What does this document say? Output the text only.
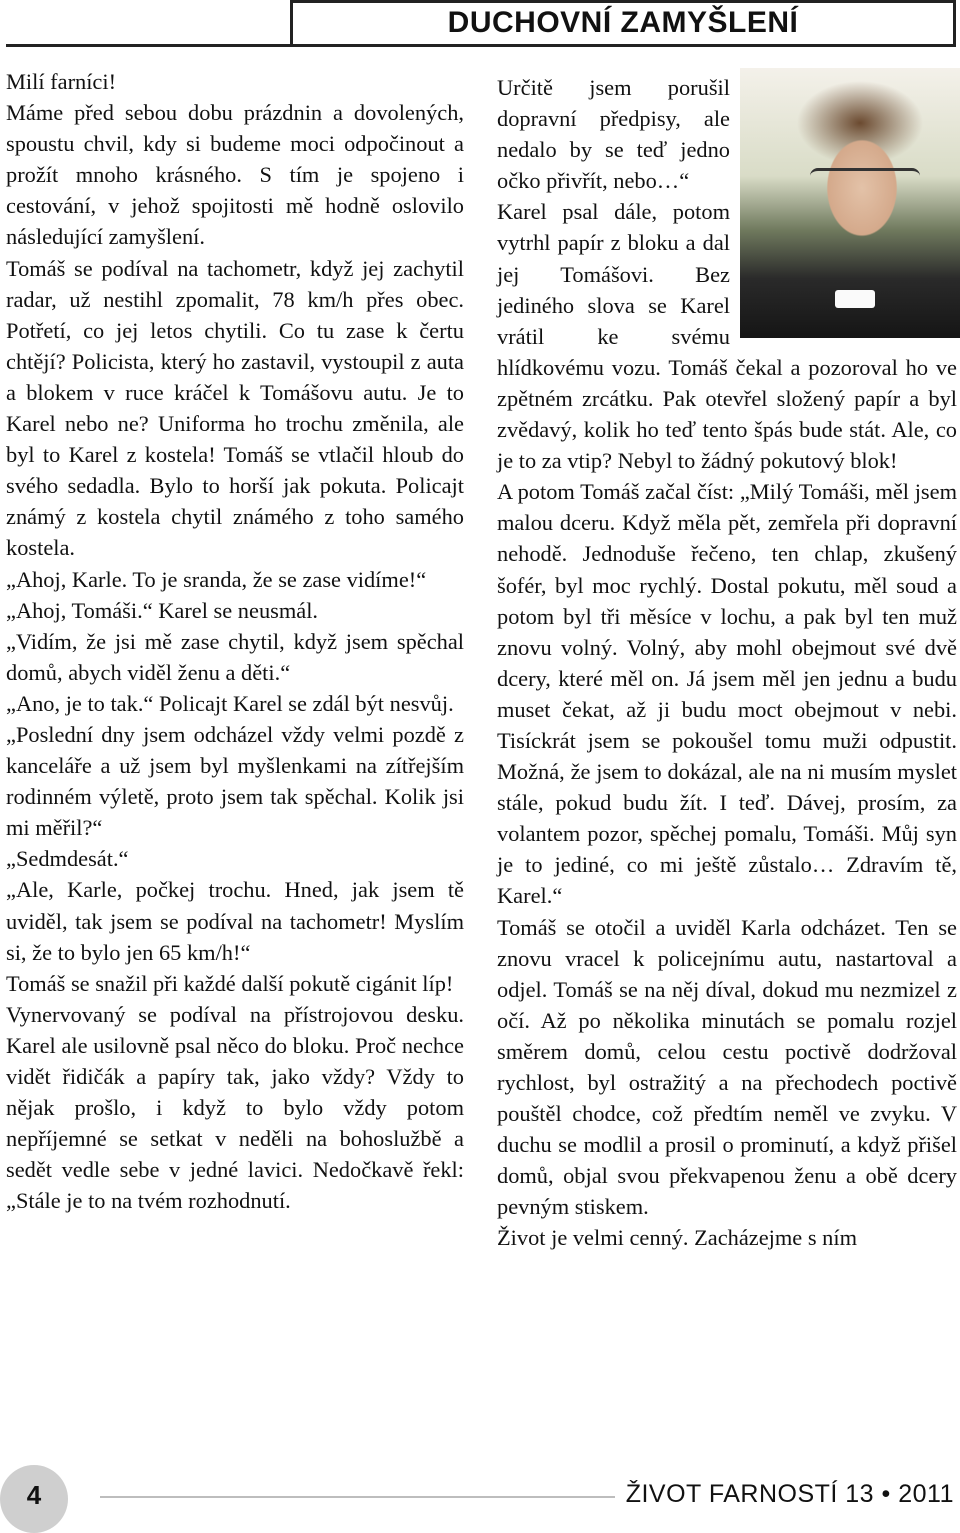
DUCHOVNÍ ZAMYŠLENÍ

Milí farníci!

Máme před sebou dobu prázdnin a dovolených, spoustu chvil, kdy si budeme moci odpočinout a prožít mnoho krásného. S tím je spojeno i cestování, v jehož spojitosti mě hodně oslovilo následující zamyšlení.

Tomáš se podíval na tachometr, když jej zachytil radar, už nestihl zpomalit, 78 km/h přes obec. Potřetí, co jej letos chytili. Co tu zase k čertu chtějí? Policista, který ho zastavil, vystoupil z auta a blokem v ruce kráčel k Tomášovu autu. Je to Karel nebo ne? Uniforma ho trochu změnila, ale byl to Karel z kostela! Tomáš se vtlačil hloub do svého sedadla. Bylo to horší jak pokuta. Policajt známý z kostela chytil známého z toho samého kostela.

„Ahoj, Karle. To je sranda, že se zase vidíme!“

„Ahoj, Tomáši.“ Karel se neusmál.

„Vidím, že jsi mě zase chytil, když jsem spěchal domů, abych viděl ženu a děti.“

„Ano, je to tak.“ Policajt Karel se zdál být nesvůj.

„Poslední dny jsem odcházel vždy velmi pozdě z kanceláře a už jsem byl myšlenkami na zítřejším rodinném výletě, proto jsem tak spěchal. Kolik jsi mi měřil?“

„Sedmdesát.“

„Ale, Karle, počkej trochu. Hned, jak jsem tě uviděl, tak jsem se podíval na tachometr! Myslím si, že to bylo jen 65 km/h!“

Tomáš se snažil při každé další pokutě cigánit líp!

Vynervovaný se podíval na přístrojovou desku. Karel ale usilovně psal něco do bloku. Proč nechce vidět řidičák a papíry tak, jako vždy? Vždy to nějak prošlo, i když to bylo vždy potom nepříjemné se setkat v neděli na bohoslužbě a sedět vedle sebe v jedné lavici. Nedočkavě řekl: „Stále je to na tvém rozhodnutí.

Určitě jsem porušil dopravní předpisy, ale nedalo by se teď jedno očko přivřít, nebo…“

Karel psal dále, potom vytrhl papír z bloku a dal jej Tomášovi. Bez jediného slova se Karel vrátil ke svému hlídkovému vozu. Tomáš čekal a pozoroval ho ve zpětném zrcátku. Pak otevřel složený papír a byl zvědavý, kolik ho teď tento špás bude stát. Ale, co je to za vtip? Nebyl to žádný pokutový blok!

A potom Tomáš začal číst: „Milý Tomáši, měl jsem malou dceru. Když měla pět, zemřela při dopravní nehodě. Jednoduše řečeno, ten chlap, zkušený šofér, byl moc rychlý. Dostal pokutu, měl soud a potom byl tři měsíce v lochu, a pak byl ten muž znovu volný. Volný, aby mohl obejmout své dvě dcery, které měl on. Já jsem měl jen jednu a budu muset čekat, až ji budu moct obejmout v nebi. Tisíckrát jsem se pokoušel tomu muži odpustit. Možná, že jsem to dokázal, ale na ni musím myslet stále, pokud budu žít. I teď. Dávej, prosím, za volantem pozor, spěchej pomalu, Tomáši. Můj syn je to jediné, co mi ještě zůstalo… Zdravím tě, Karel.“

Tomáš se otočil a uviděl Karla odcházet. Ten se znovu vracel k policejnímu autu, nastartoval a odjel. Tomáš se na něj díval, dokud mu nezmizel z očí. Až po několika minutách se pomalu rozjel směrem domů, celou cestu poctivě dodržoval rychlost, byl ostražitý a na přechodech poctivě pouštěl chodce, což předtím neměl ve zvyku. V duchu se modlil a prosil o prominutí, a když přišel domů, objal svou překvapenou ženu a obě dcery pevným stiskem.

Život je velmi cenný. Zacházejme s ním

4	ŽIVOT FARNOSTÍ 13 • 2011
